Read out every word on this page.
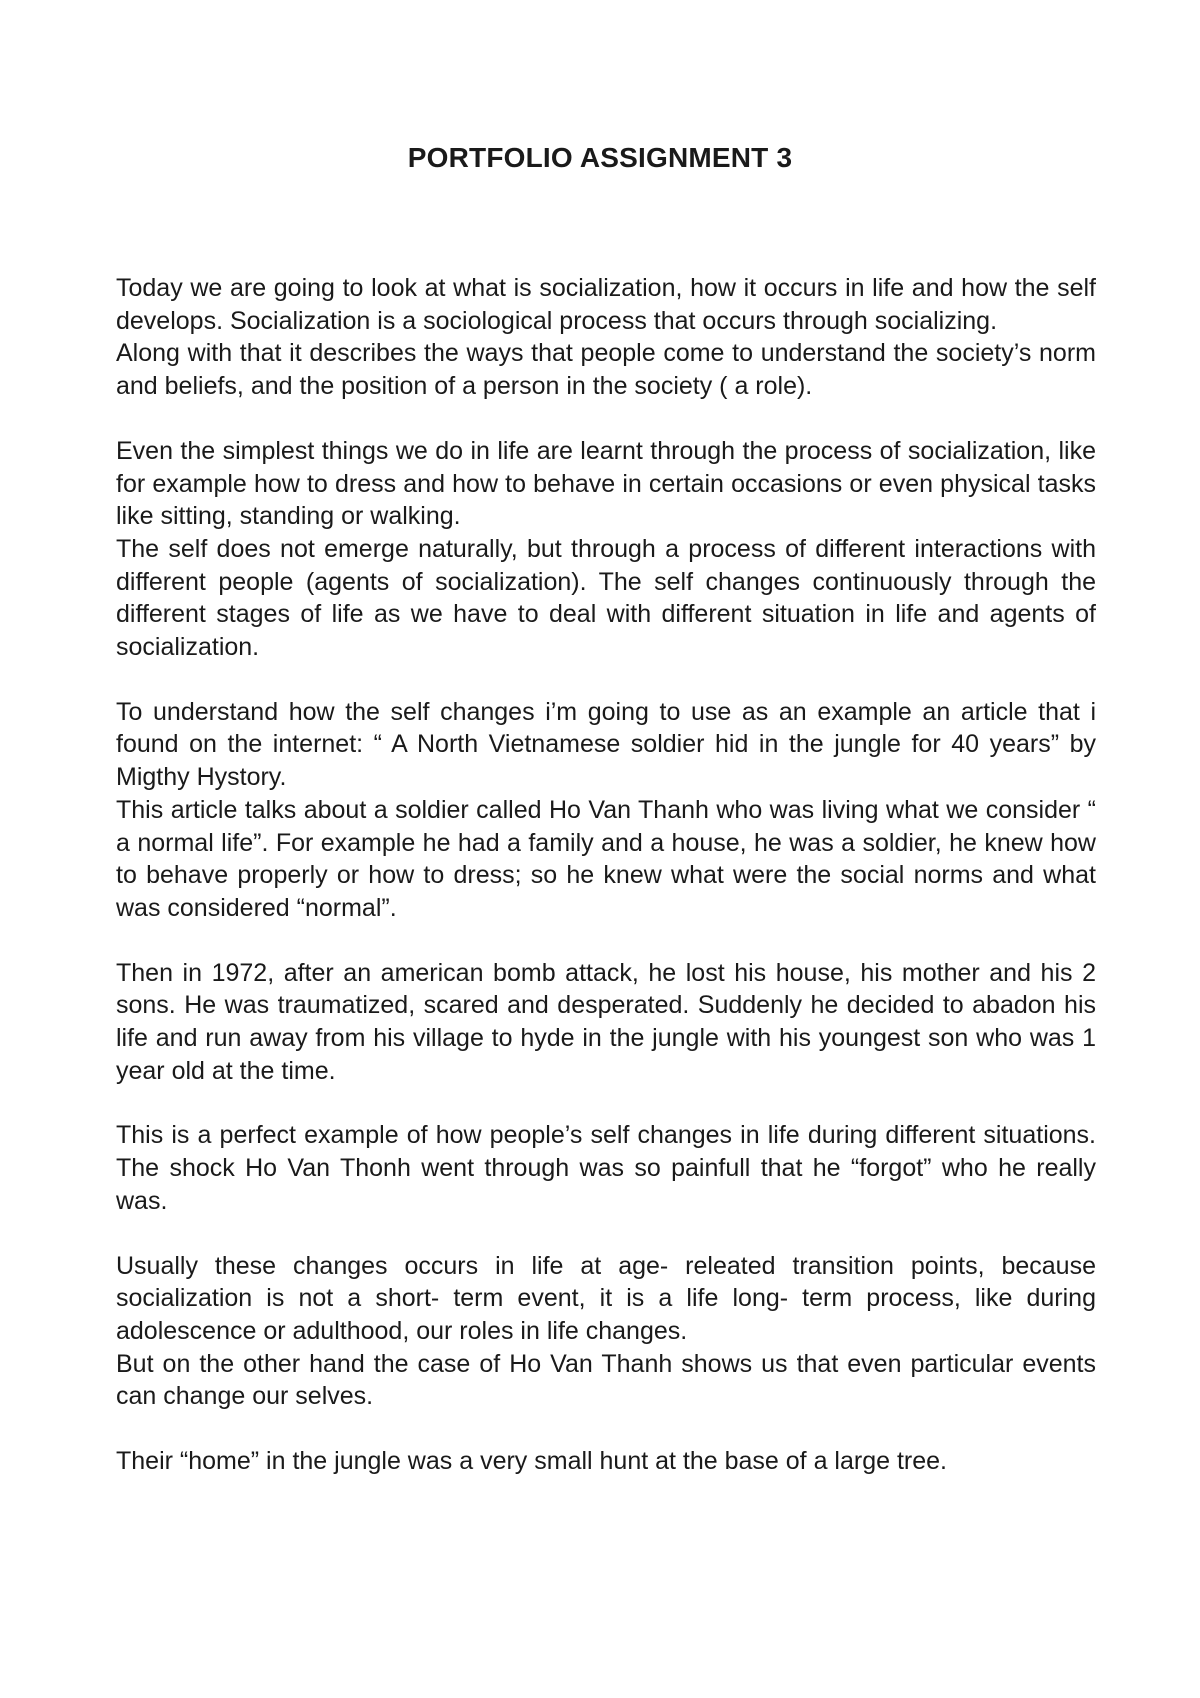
PORTFOLIO ASSIGNMENT 3

Today we are going to look at what is socialization, how it occurs in life and how the self develops. Socialization is a sociological process that occurs through socializing.

Along with that it describes the ways that people come to understand the society’s norm and beliefs, and the position of a person in the society ( a role).

Even the simplest things we do in life are learnt through the process of socialization, like for example how to dress and how to behave in certain occasions or even physical tasks like sitting, standing or walking.

The self does not emerge naturally, but through a process of different interactions with different people (agents of socialization). The self changes continuously through the different stages of life as we have to deal with different situation in life and agents of socialization.

To understand how the self changes i’m going to use as an example an article that i found on the internet: “ A North Vietnamese soldier hid in the jungle for 40 years” by Migthy Hystory.

This article talks about a soldier called Ho Van Thanh who was living what we consider “ a normal life”. For example he had a family and a house, he was a soldier, he knew how to behave properly or how to dress; so he knew what were the social norms and what was considered “normal”.

Then in 1972, after an american bomb attack, he lost his house, his mother and his 2 sons. He was traumatized, scared and desperated. Suddenly he decided to abadon his life and run away from his village to hyde in the jungle with his youngest son who was 1 year old at the time.

This is a perfect example of how people’s self changes in life during different situations. The shock Ho Van Thonh went through was so painfull that he “forgot” who he really was.

Usually these changes occurs in life at age- releated transition points, because socialization is not a short- term event, it is a life long- term process, like during adolescence or adulthood, our roles in life changes.

But on the other hand the case of Ho Van Thanh shows us that even particular events can change our selves.

Their “home” in the jungle was a very small hunt at the base of a large tree.
